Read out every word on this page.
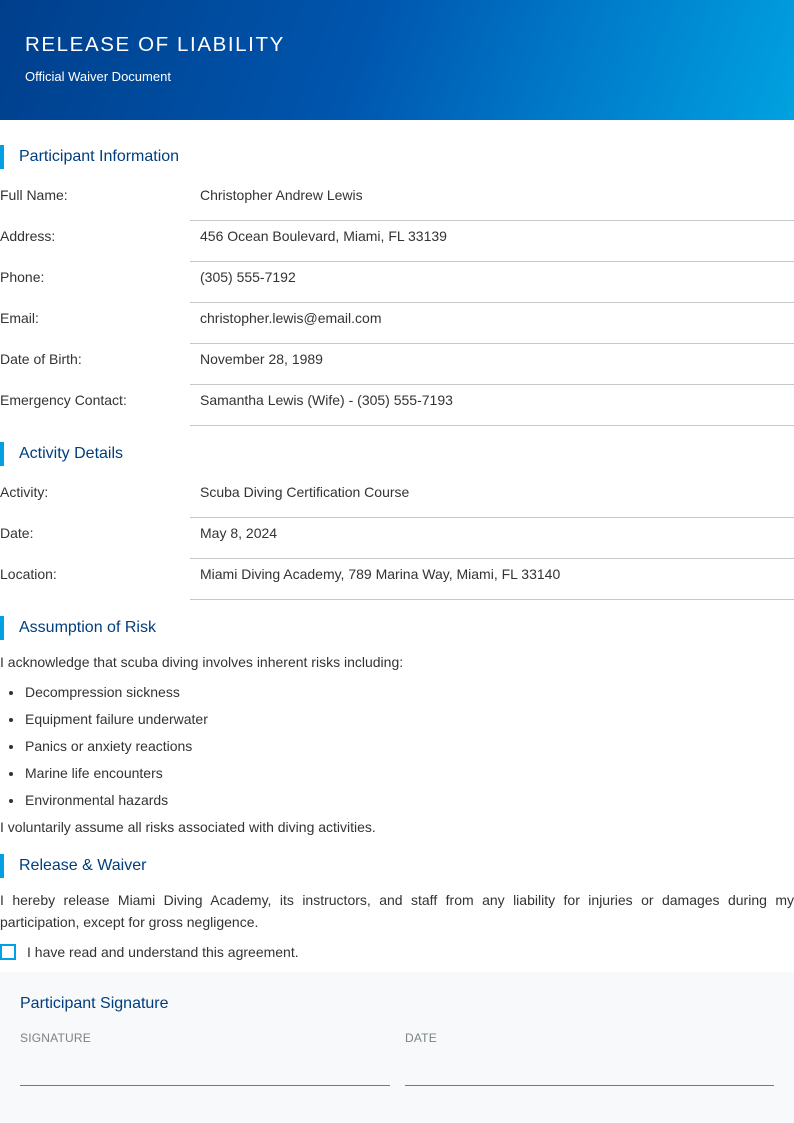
RELEASE OF LIABILITY
Official Waiver Document
Participant Information
Full Name:	Christopher Andrew Lewis
Address:	456 Ocean Boulevard, Miami, FL 33139
Phone:	(305) 555-7192
Email:	christopher.lewis@email.com
Date of Birth:	November 28, 1989
Emergency Contact:	Samantha Lewis (Wife) - (305) 555-7193
Activity Details
Activity:	Scuba Diving Certification Course
Date:	May 8, 2024
Location:	Miami Diving Academy, 789 Marina Way, Miami, FL 33140
Assumption of Risk

I acknowledge that scuba diving involves inherent risks including:

Decompression sickness
Equipment failure underwater
Panics or anxiety reactions
Marine life encounters
Environmental hazards

I voluntarily assume all risks associated with diving activities.

Release & Waiver

I hereby release Miami Diving Academy, its instructors, and staff from any liability for injuries or damages during my participation, except for gross negligence.

I have read and understand this agreement.
Participant Signature
SIGNATURE	DATE
